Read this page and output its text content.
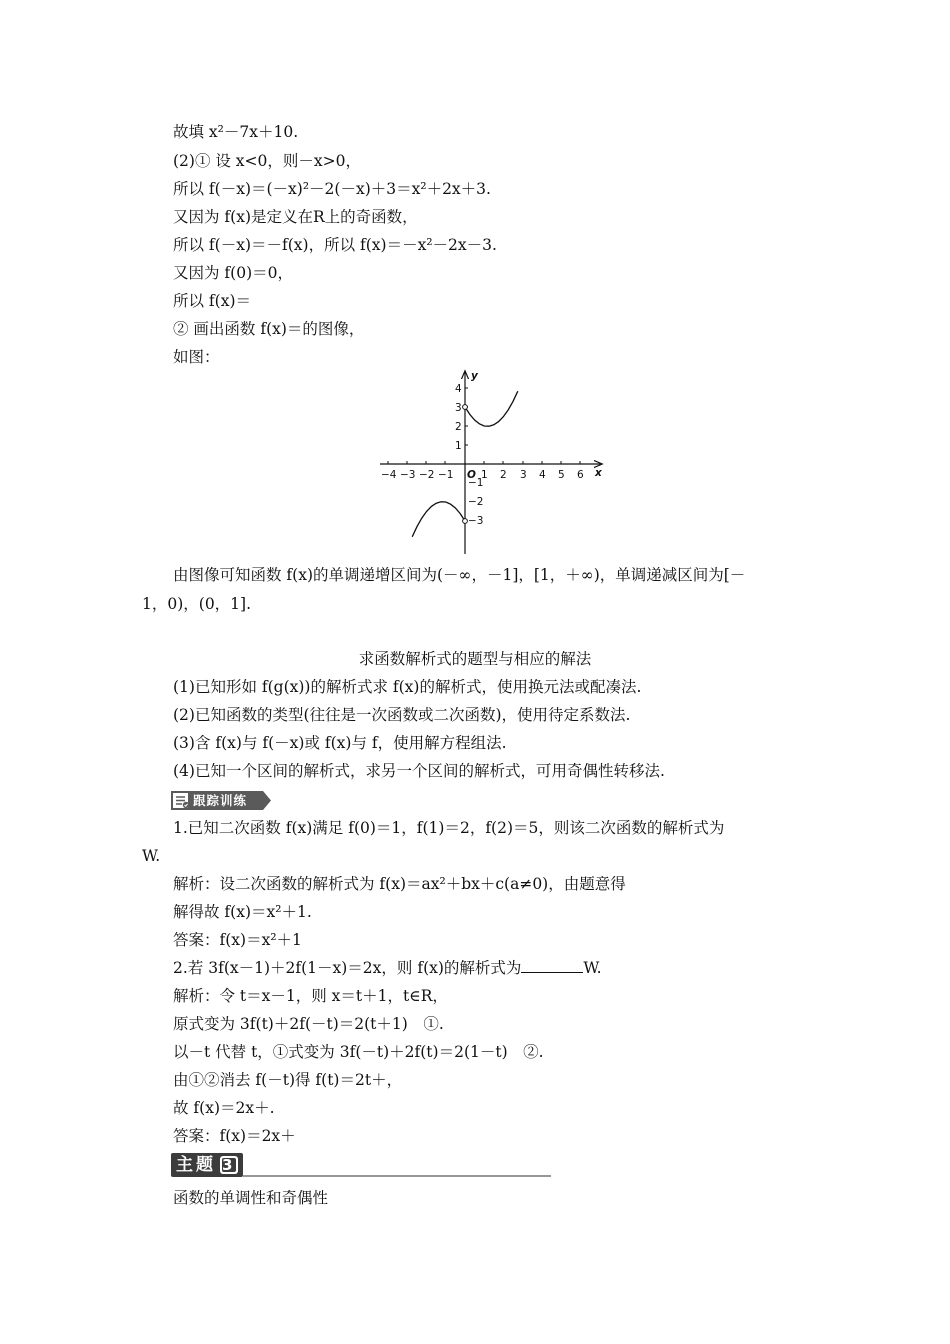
故填 x²－7x＋10.
(2)① 设 x<0，则－x>0，
所以 f(－x)＝(－x)²－2(－x)＋3＝x²＋2x＋3.
又因为 f(x)是定义在R上的奇函数，
所以 f(－x)＝－f(x)，所以 f(x)＝－x²－2x－3.
又因为 f(0)＝0，
所以 f(x)＝
② 画出函数 f(x)＝的图像，
如图：
−4 −3 −2 −1 O 1 2 3 4 5 6 x
1
2
3
4
−1
−2
−3
y
由图像可知函数 f(x)的单调递增区间为(－∞，－1]，[1，＋∞)，单调递减区间为[－
1，0)，(0，1].
求函数解析式的题型与相应的解法
(1)已知形如 f(g(x))的解析式求 f(x)的解析式，使用换元法或配凑法.
(2)已知函数的类型(往往是一次函数或二次函数)，使用待定系数法.
(3)含 f(x)与 f(－x)或 f(x)与 f，使用解方程组法.
(4)已知一个区间的解析式，求另一个区间的解析式，可用奇偶性转移法.
跟踪训练
1.已知二次函数 f(x)满足 f(0)＝1，f(1)＝2，f(2)＝5，则该二次函数的解析式为
W.
解析：设二次函数的解析式为 f(x)＝ax²＋bx＋c(a≠0)，由题意得
解得故 f(x)＝x²＋1.
答案：f(x)＝x²＋1
2.若 3f(x－1)＋2f(1－x)＝2x，则 f(x)的解析式为	W.
解析：令 t＝x－1，则 x＝t＋1，t∈R，
原式变为 3f(t)＋2f(－t)＝2(t＋1)　①.
以－t 代替 t，①式变为 3f(－t)＋2f(t)＝2(1－t)　②.
由①②消去 f(－t)得 f(t)＝2t＋，
故 f(x)＝2x＋.
答案：f(x)＝2x＋
主题 3
函数的单调性和奇偶性
